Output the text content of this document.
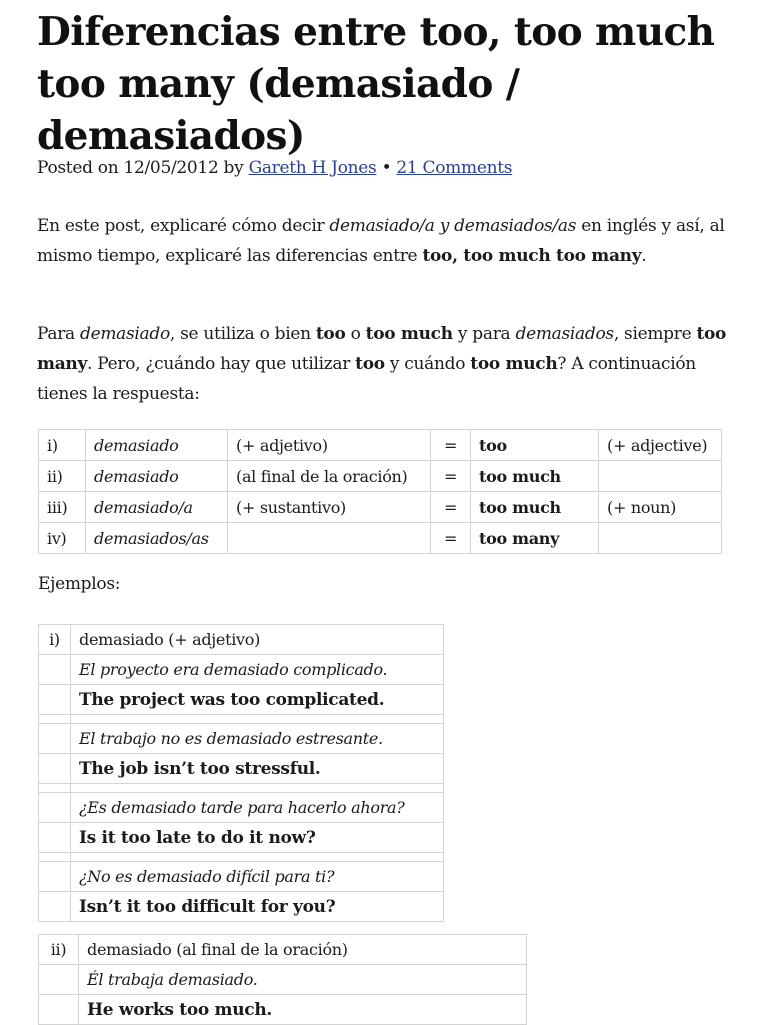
Diferencias entre too, too much too many (demasiado / demasiados)
Posted on 12/05/2012 by Gareth H Jones • 21 Comments

En este post, explicaré cómo decir demasiado/a y demasiados/as en inglés y así, al mismo tiempo, explicaré las diferencias entre too, too much too many.

Para demasiado, se utiliza o bien too o too much y para demasiados, siempre too many. Pero, ¿cuándo hay que utilizar too y cuándo too much? A continuación tienes la respuesta:

i)	demasiado	(+ adjetivo)	=	too	(+ adjective)
ii)	demasiado	(al final de la oración)	=	too much	
iii)	demasiado/a	(+ sustantivo)	=	too much	(+ noun)
iv)	demasiados/as		=	too many	
Ejemplos:
i)	demasiado (+ adjetivo)
	El proyecto era demasiado complicado.
	The project was too complicated.

	El trabajo no es demasiado estresante.
	The job isn’t too stressful.

	¿Es demasiado tarde para hacerlo ahora?
	Is it too late to do it now?

	¿No es demasiado difícil para ti?
	Isn’t it too difficult for you?
ii)	demasiado (al final de la oración)
	Él trabaja demasiado.
	He works too much.
